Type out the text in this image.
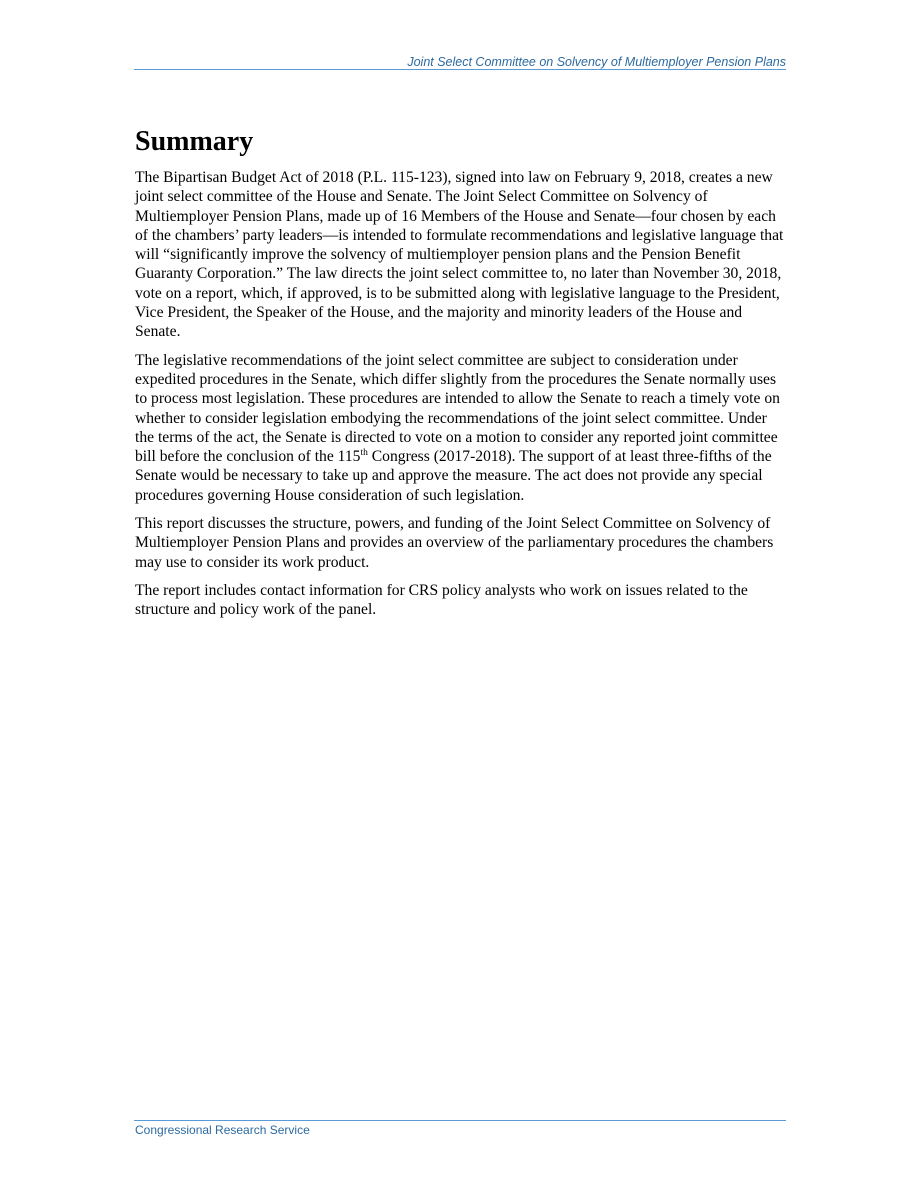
Joint Select Committee on Solvency of Multiemployer Pension Plans
Summary

The Bipartisan Budget Act of 2018 (P.L. 115-123), signed into law on February 9, 2018, creates a new joint select committee of the House and Senate. The Joint Select Committee on Solvency of Multiemployer Pension Plans, made up of 16 Members of the House and Senate—four chosen by each of the chambers’ party leaders—is intended to formulate recommendations and legislative language that will “significantly improve the solvency of multiemployer pension plans and the Pension Benefit Guaranty Corporation.” The law directs the joint select committee to, no later than November 30, 2018, vote on a report, which, if approved, is to be submitted along with legislative language to the President, Vice President, the Speaker of the House, and the majority and minority leaders of the House and Senate.

The legislative recommendations of the joint select committee are subject to consideration under expedited procedures in the Senate, which differ slightly from the procedures the Senate normally uses to process most legislation. These procedures are intended to allow the Senate to reach a timely vote on whether to consider legislation embodying the recommendations of the joint select committee. Under the terms of the act, the Senate is directed to vote on a motion to consider any reported joint committee bill before the conclusion of the 115th Congress (2017-2018). The support of at least three-fifths of the Senate would be necessary to take up and approve the measure. The act does not provide any special procedures governing House consideration of such legislation.

This report discusses the structure, powers, and funding of the Joint Select Committee on Solvency of Multiemployer Pension Plans and provides an overview of the parliamentary procedures the chambers may use to consider its work product.

The report includes contact information for CRS policy analysts who work on issues related to the structure and policy work of the panel.

Congressional Research Service
